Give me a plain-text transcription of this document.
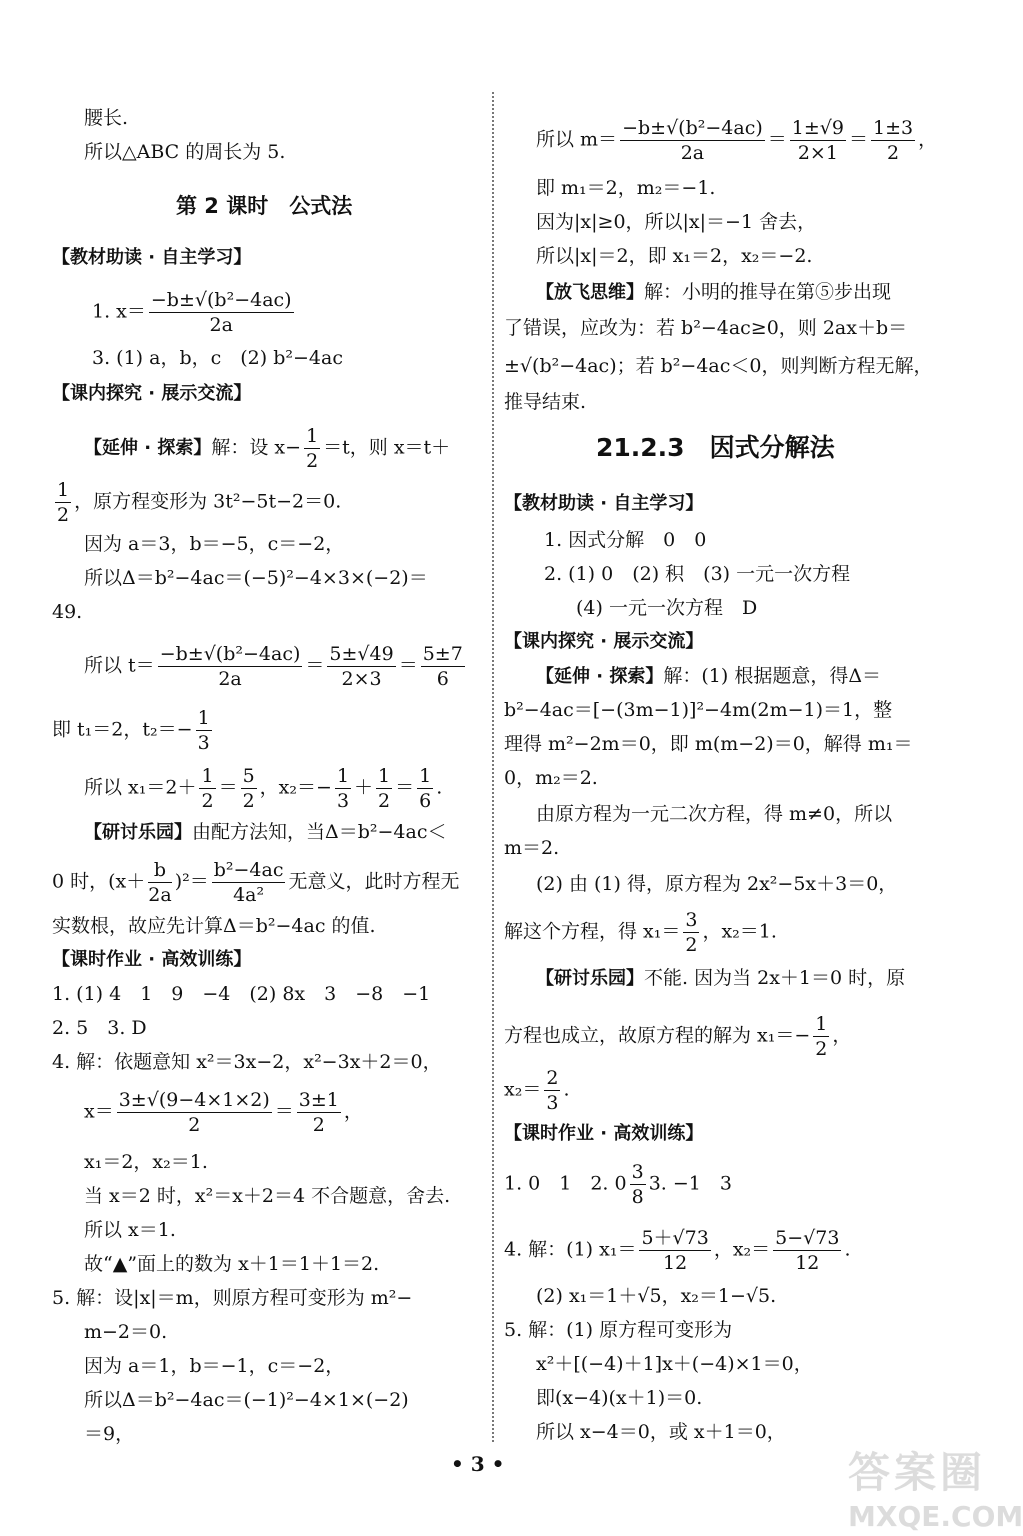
腰长.
所以△ABC 的周长为 5.
第 2 课时　公式法
【教材助读 · 自主学习】
1. $x= \frac{\text{−b±√(b²−4ac)}}{2a}$
3. (1) a，b，c　(2) b²−4ac
【课内探究 · 展示交流】
【延伸 · 探索】解：设 $x- \frac{1}{2} =t$，则 x＝t＋
$\frac{1}{2}$ ，原方程变形为 3t²−5t−2＝0.
因为 a＝3，b＝−5，c＝−2，
所以Δ＝b²−4ac＝(−5)²−4×3×(−2)＝
49.
所以 $t= \frac{\text{−b±√(b²−4ac)}}{2a} = \frac{5\pm√49}{2\times 3} = \frac{5\pm 7}{6}$
即 t₁＝2，$t_2=- \frac{1}{3}$
所以 $x_1=2+ \frac{1}{2} = \frac{5}{2}$ ，$x_2=- \frac{1}{3} + \frac{1}{2} = \frac{1}{6}$ .
【研讨乐园】由配方法知，当Δ＝b²−4ac＜
0 时，$(x+ \frac{b}{2a} )^2= \frac{\text{b²−4ac}}{\text{4a²}}$ 无意义，此时方程无
实数根，故应先计算Δ＝b²−4ac 的值.
【课时作业 · 高效训练】
1. (1) 4　1　9　−4　(2) 8x　3　−8　−1
2. 5　3. D
4. 解：依题意知 x²＝3x−2，x²−3x＋2＝0，
$x= \frac{3\pm√(9-4\times 1\times 2)}{2} = \frac{3\pm 1}{2}$ ，
x₁＝2，x₂＝1.
当 x＝2 时，x²＝x＋2＝4 不合题意，舍去.
所以 x＝1.
故“▲”面上的数为 x＋1＝1＋1＝2.
5. 解：设|x|＝m，则原方程可变形为 m²−
m−2＝0.
因为 a＝1，b＝−1，c＝−2，
所以Δ＝b²−4ac＝(−1)²−4×1×(−2)
＝9，
所以 $m= \frac{\text{−b±√(b²−4ac)}}{2a} = \frac{1\pm√9}{2\times 1} = \frac{1\pm 3}{2}$ ，
即 m₁＝2，m₂＝−1.
因为|x|≥0，所以|x|＝−1 舍去，
所以|x|＝2，即 x₁＝2，x₂＝−2.
【放飞思维】解：小明的推导在第⑤步出现
了错误，应改为：若 b²−4ac≥0，则 2ax＋b＝
±√(b²−4ac)；若 b²−4ac＜0，则判断方程无解，
推导结束.
21.2.3　因式分解法
【教材助读 · 自主学习】
1. 因式分解　0　0
2. (1) 0　(2) 积　(3) 一元一次方程
(4) 一元一次方程　D
【课内探究 · 展示交流】
【延伸 · 探索】解：(1) 根据题意，得Δ＝
b²−4ac＝[−(3m−1)]²−4m(2m−1)＝1，整
理得 m²−2m＝0，即 m(m−2)＝0，解得 m₁＝
0，m₂＝2.
由原方程为一元二次方程，得 m≠0，所以
m＝2.
(2) 由 (1) 得，原方程为 2x²−5x＋3＝0，
解这个方程，得 $x_1= \frac{3}{2}$ ，x₂＝1.
【研讨乐园】不能. 因为当 2x＋1＝0 时，原
方程也成立，故原方程的解为 $x_1=- \frac{1}{2}$ ，
$x_2= \frac{2}{3}$ .
【课时作业 · 高效训练】
1. 0　1　2. $0 \frac{3}{8} 3$. −1　3
4. 解：(1) $x_1= \frac{5+√73}{12}$ ，$x_2= \frac{5-√73}{12}$ .
(2) x₁＝1＋√5，x₂＝1−√5.
5. 解：(1) 原方程可变形为
x²＋[(−4)＋1]x＋(−4)×1＝0，
即(x−4)(x＋1)＝0.
所以 x−4＝0，或 x＋1＝0，
• 3 •	答案圈
MXQE.COM
